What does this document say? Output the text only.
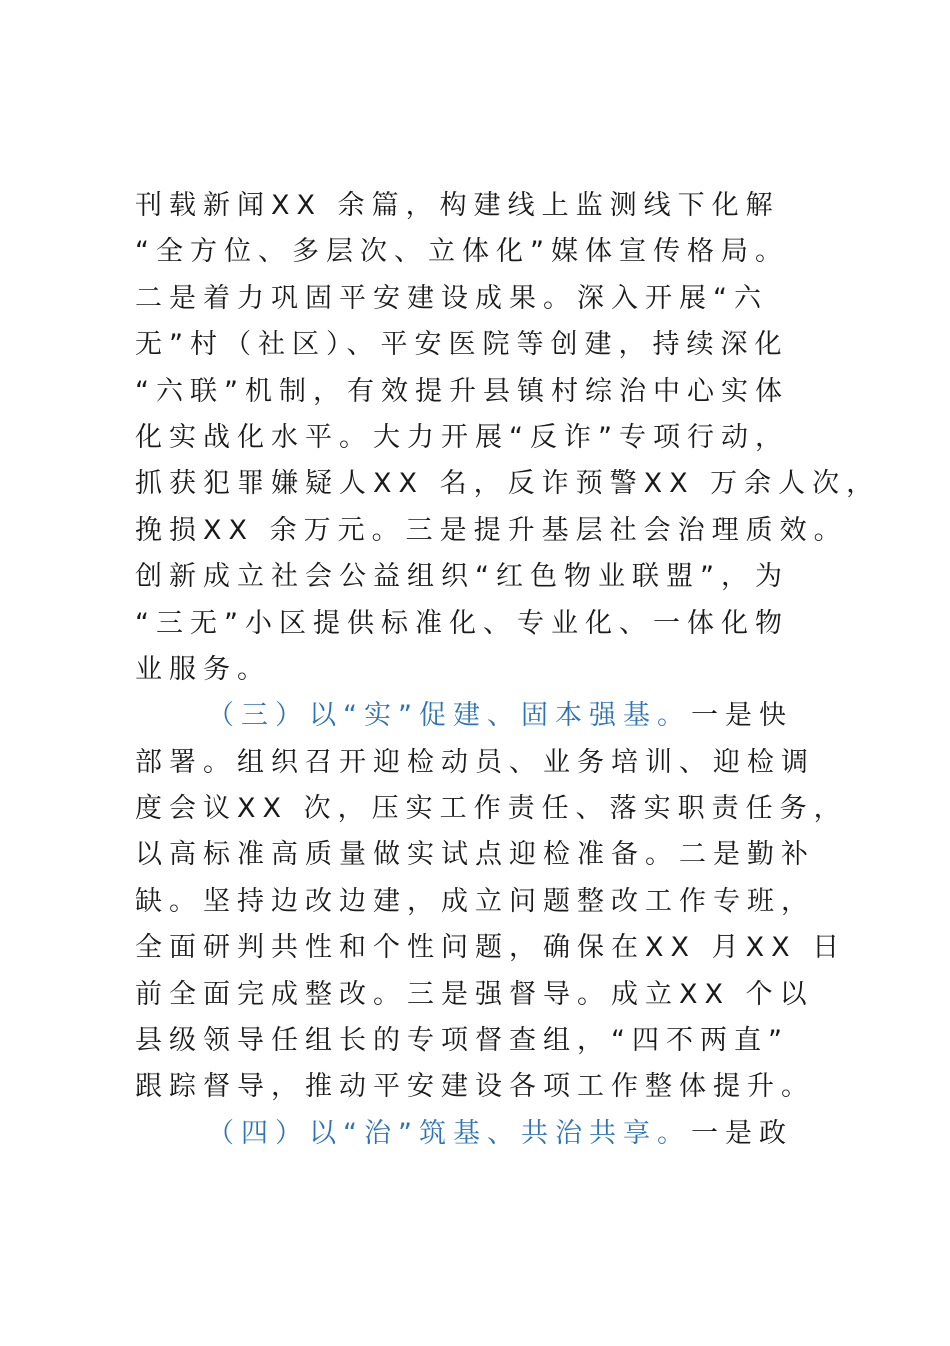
刊载新闻XX 余篇，构建线上监测线下化解
“全方位、多层次、立体化”媒体宣传格局。
二是着力巩固平安建设成果。深入开展“六
无”村（社区）、平安医院等创建，持续深化
“六联”机制，有效提升县镇村综治中心实体
化实战化水平。大力开展“反诈”专项行动，
抓获犯罪嫌疑人XX 名，反诈预警XX 万余人次，
挽损XX 余万元。三是提升基层社会治理质效。
创新成立社会公益组织“红色物业联盟”，为
“三无”小区提供标准化、专业化、一体化物
业服务。
（三）以“实”促建、固本强基。一是快
部署。组织召开迎检动员、业务培训、迎检调
度会议XX 次，压实工作责任、落实职责任务，
以高标准高质量做实试点迎检准备。二是勤补
缺。坚持边改边建，成立问题整改工作专班，
全面研判共性和个性问题，确保在XX 月XX 日
前全面完成整改。三是强督导。成立XX 个以
县级领导任组长的专项督查组，“四不两直”
跟踪督导，推动平安建设各项工作整体提升。
（四）以“治”筑基、共治共享。一是政
